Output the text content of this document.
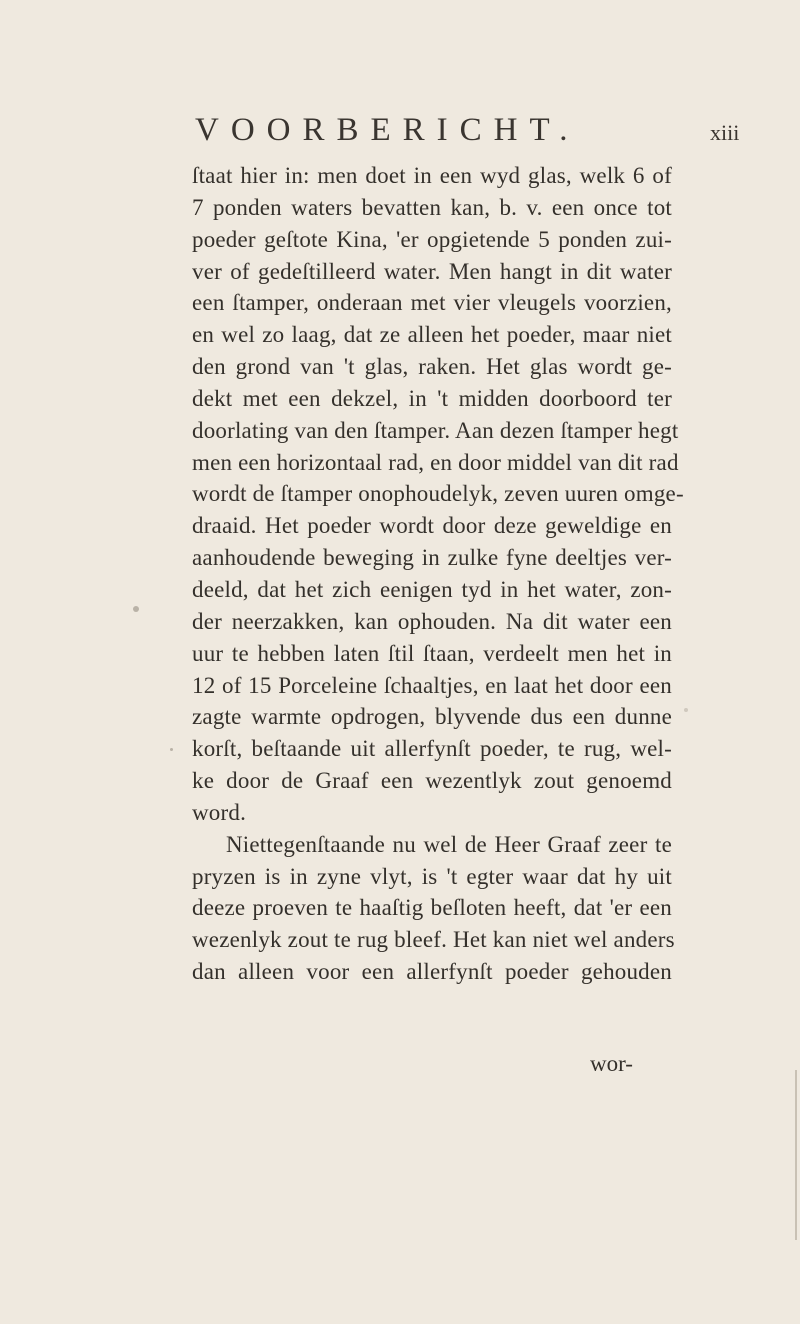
VOORBERICHT.	xiii
ſtaat hier in: men doet in een wyd glas, welk 6 of
7 ponden waters bevatten kan, b. v. een once tot
poeder geſtote Kina, 'er opgietende 5 ponden zui-
ver of gedeſtilleerd water. Men hangt in dit water
een ſtamper, onderaan met vier vleugels voorzien,
en wel zo laag, dat ze alleen het poeder, maar niet
den grond van 't glas, raken. Het glas wordt ge-
dekt met een dekzel, in 't midden doorboord ter
doorlating van den ſtamper. Aan dezen ſtamper hegt
men een horizontaal rad, en door middel van dit rad
wordt de ſtamper onophoudelyk, zeven uuren omge-
draaid. Het poeder wordt door deze geweldige en
aanhoudende beweging in zulke fyne deeltjes ver-
deeld, dat het zich eenigen tyd in het water, zon-
der neerzakken, kan ophouden. Na dit water een
uur te hebben laten ſtil ſtaan, verdeelt men het in
12 of 15 Porceleine ſchaaltjes, en laat het door een
zagte warmte opdrogen, blyvende dus een dunne
korſt, beſtaande uit allerfynſt poeder, te rug, wel-
ke door de Graaf een wezentlyk zout genoemd
word.
Niettegenſtaande nu wel de Heer Graaf zeer te
pryzen is in zyne vlyt, is 't egter waar dat hy uit
deeze proeven te haaſtig beſloten heeft, dat 'er een
wezenlyk zout te rug bleef. Het kan niet wel anders
dan alleen voor een allerfynſt poeder gehouden
wor-
